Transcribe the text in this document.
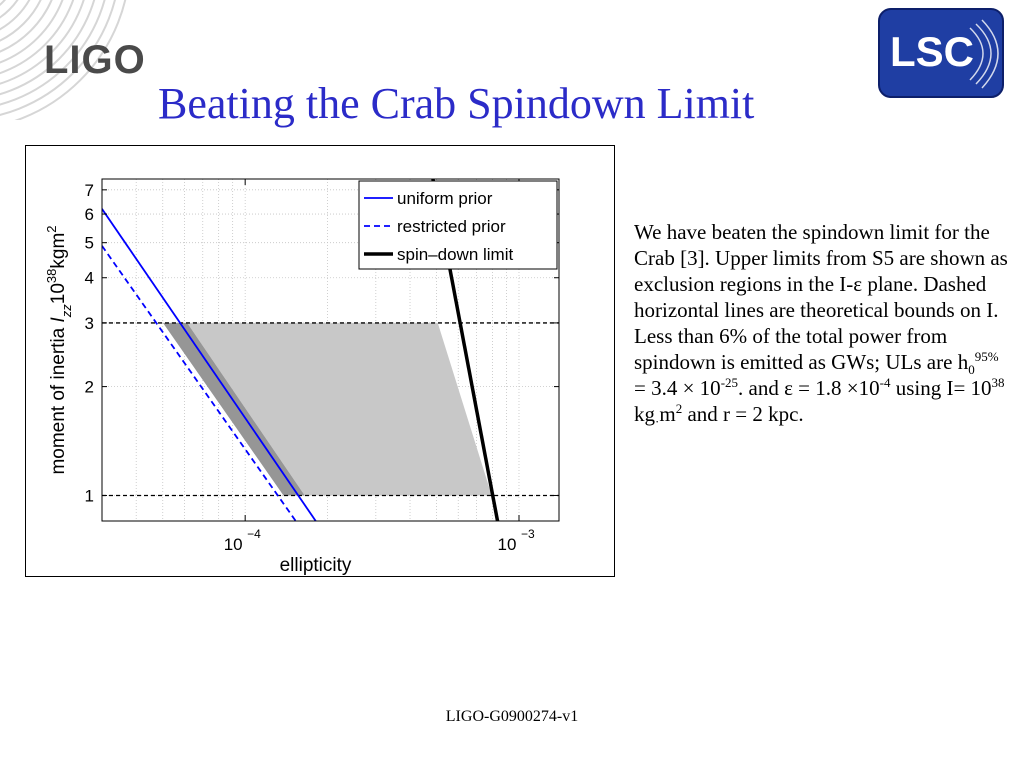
LIGO
Beating the Crab Spindown Limit
LSC
1
2
3
4
5
6
7
10
−4
10
−3
ellipticity
moment of inertia $I_{zz}10^{38}kgm^2$
uniform prior
restricted prior
spin–down limit
We have beaten the spindown limit for the Crab [3]. Upper limits from S5 are shown as exclusion regions in the I-ε plane. Dashed horizontal lines are theoretical bounds on I. Less than 6% of the total power from spindown is emitted as GWs; ULs are $h_0^{95\%} = 3.4 \times 10^{-25}$. and $\varepsilon = 1.8 \times 10^{-4}$ using $I= 10^{38}$
$kg_\cdot m^2$ and r = 2 kpc.
LIGO-G0900274-v1
